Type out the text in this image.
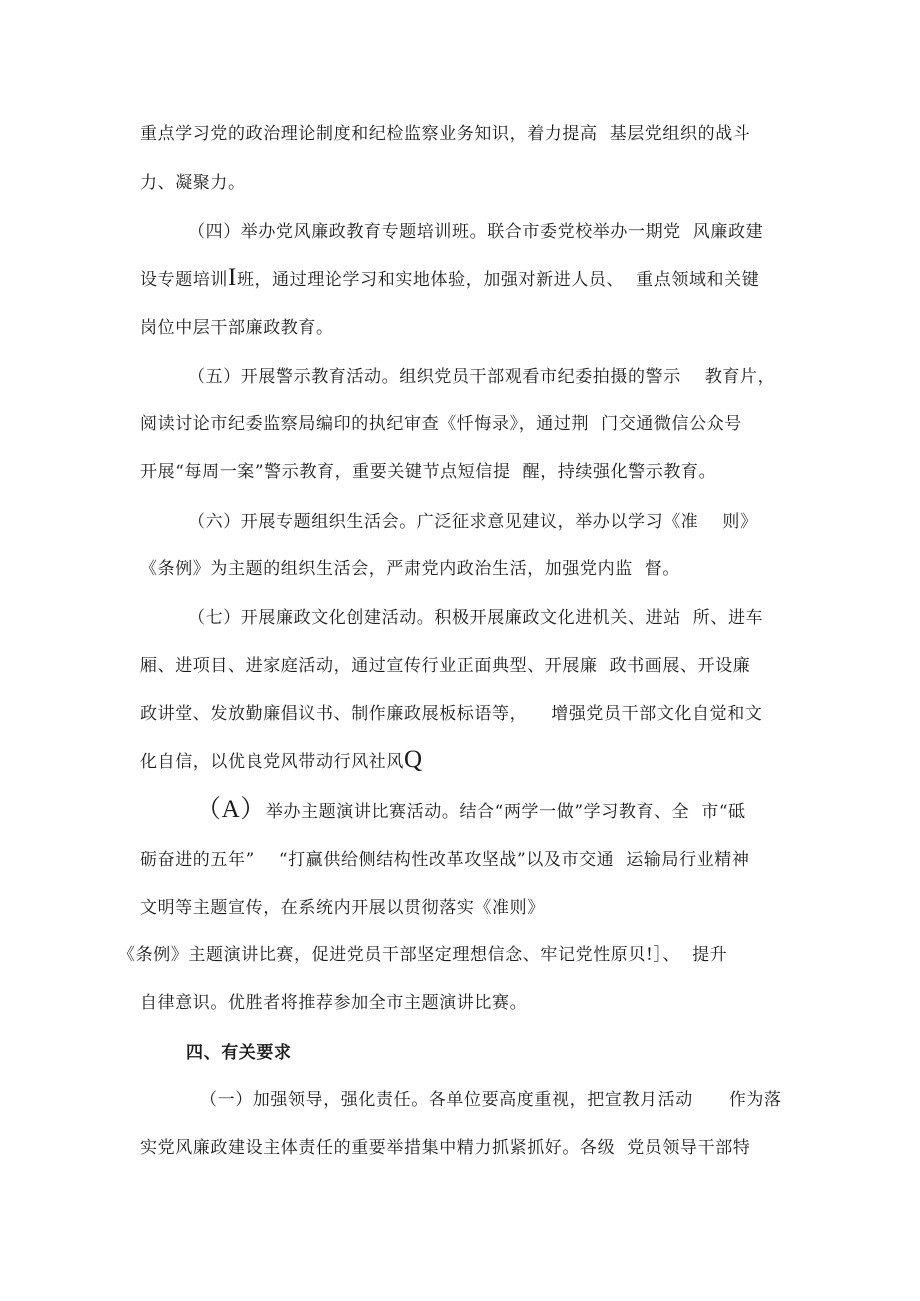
重点学习党的政治理论制度和纪检监察业务知识，着力提高  基层党组织的战斗
力、凝聚力。
（四）举办党风廉政教育专题培训班。联合市委党校举办一期党  风廉政建
设专题培训I班，通过理论学习和实地体验，加强对新进人员、  重点领域和关键
岗位中层干部廉政教育。
（五）开展警示教育活动。组织党员干部观看市纪委拍摄的警示    教育片，
阅读讨论市纪委监察局编印的执纪审查《忏悔录》，通过荆  门交通微信公众号
开展“每周一案”警示教育，重要关键节点短信提  醒，持续强化警示教育。
（六）开展专题组织生活会。广泛征求意见建议，举办以学习《准    则》
《条例》为主题的组织生活会，严肃党内政治生活，加强党内监  督。
（七）开展廉政文化创建活动。积极开展廉政文化进机关、进站  所、进车
厢、进项目、进家庭活动，通过宣传行业正面典型、开展廉  政书画展、开设廉
政讲堂、发放勤廉倡议书、制作廉政展板标语等，    增强党员干部文化自觉和文
化自信，以优良党风带动行风社风Q
（A）举办主题演讲比赛活动。结合“两学一做”学习教育、全  市“砥
砺奋进的五年”    “打赢供给侧结构性改革攻坚战”以及市交通  运输局行业精神
文明等主题宣传，在系统内开展以贯彻落实《准则》
《条例》主题演讲比赛，促进党员干部坚定理想信念、牢记党性原贝!］、  提升
自律意识。优胜者将推荐参加全市主题演讲比赛。
四、有关要求
（一）加强领导，强化责任。各单位要高度重视，把宣教月活动      作为落
实党风廉政建设主体责任的重要举措集中精力抓紧抓好。各级  党员领导干部特
